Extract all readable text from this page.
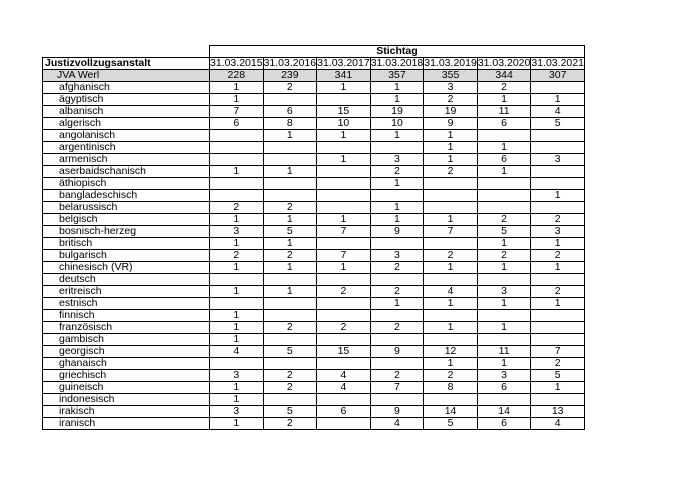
	Stichtag						
Justizvollzugsanstalt	31.03.2015	31.03.2016	31.03.2017	31.03.2018	31.03.2019	31.03.2020	31.03.2021
JVA Werl	228	239	341	357	355	344	307
afghanisch	1	2	1	1	3	2	
ägyptisch	1			1	2	1	1
albanisch	7	6	15	19	19	11	4
algerisch	6	8	10	10	9	6	5
angolanisch		1	1	1	1		
argentinisch					1	1	
armenisch			1	3	1	6	3
aserbaidschanisch	1	1		2	2	1	
äthiopisch				1			
bangladeschisch							1
belarussisch	2	2		1			
belgisch	1	1	1	1	1	2	2
bosnisch-herzeg	3	5	7	9	7	5	3
britisch	1	1				1	1
bulgarisch	2	2	7	3	2	2	2
chinesisch (VR)	1	1	1	2	1	1	1
deutsch							
eritreisch	1	1	2	2	4	3	2
estnisch				1	1	1	1
finnisch	1						
französisch	1	2	2	2	1	1	
gambisch	1						
georgisch	4	5	15	9	12	11	7
ghanaisch					1	1	2
griechisch	3	2	4	2	2	3	5
guineisch	1	2	4	7	8	6	1
indonesisch	1						
irakisch	3	5	6	9	14	14	13
iranisch	1	2		4	5	6	4
